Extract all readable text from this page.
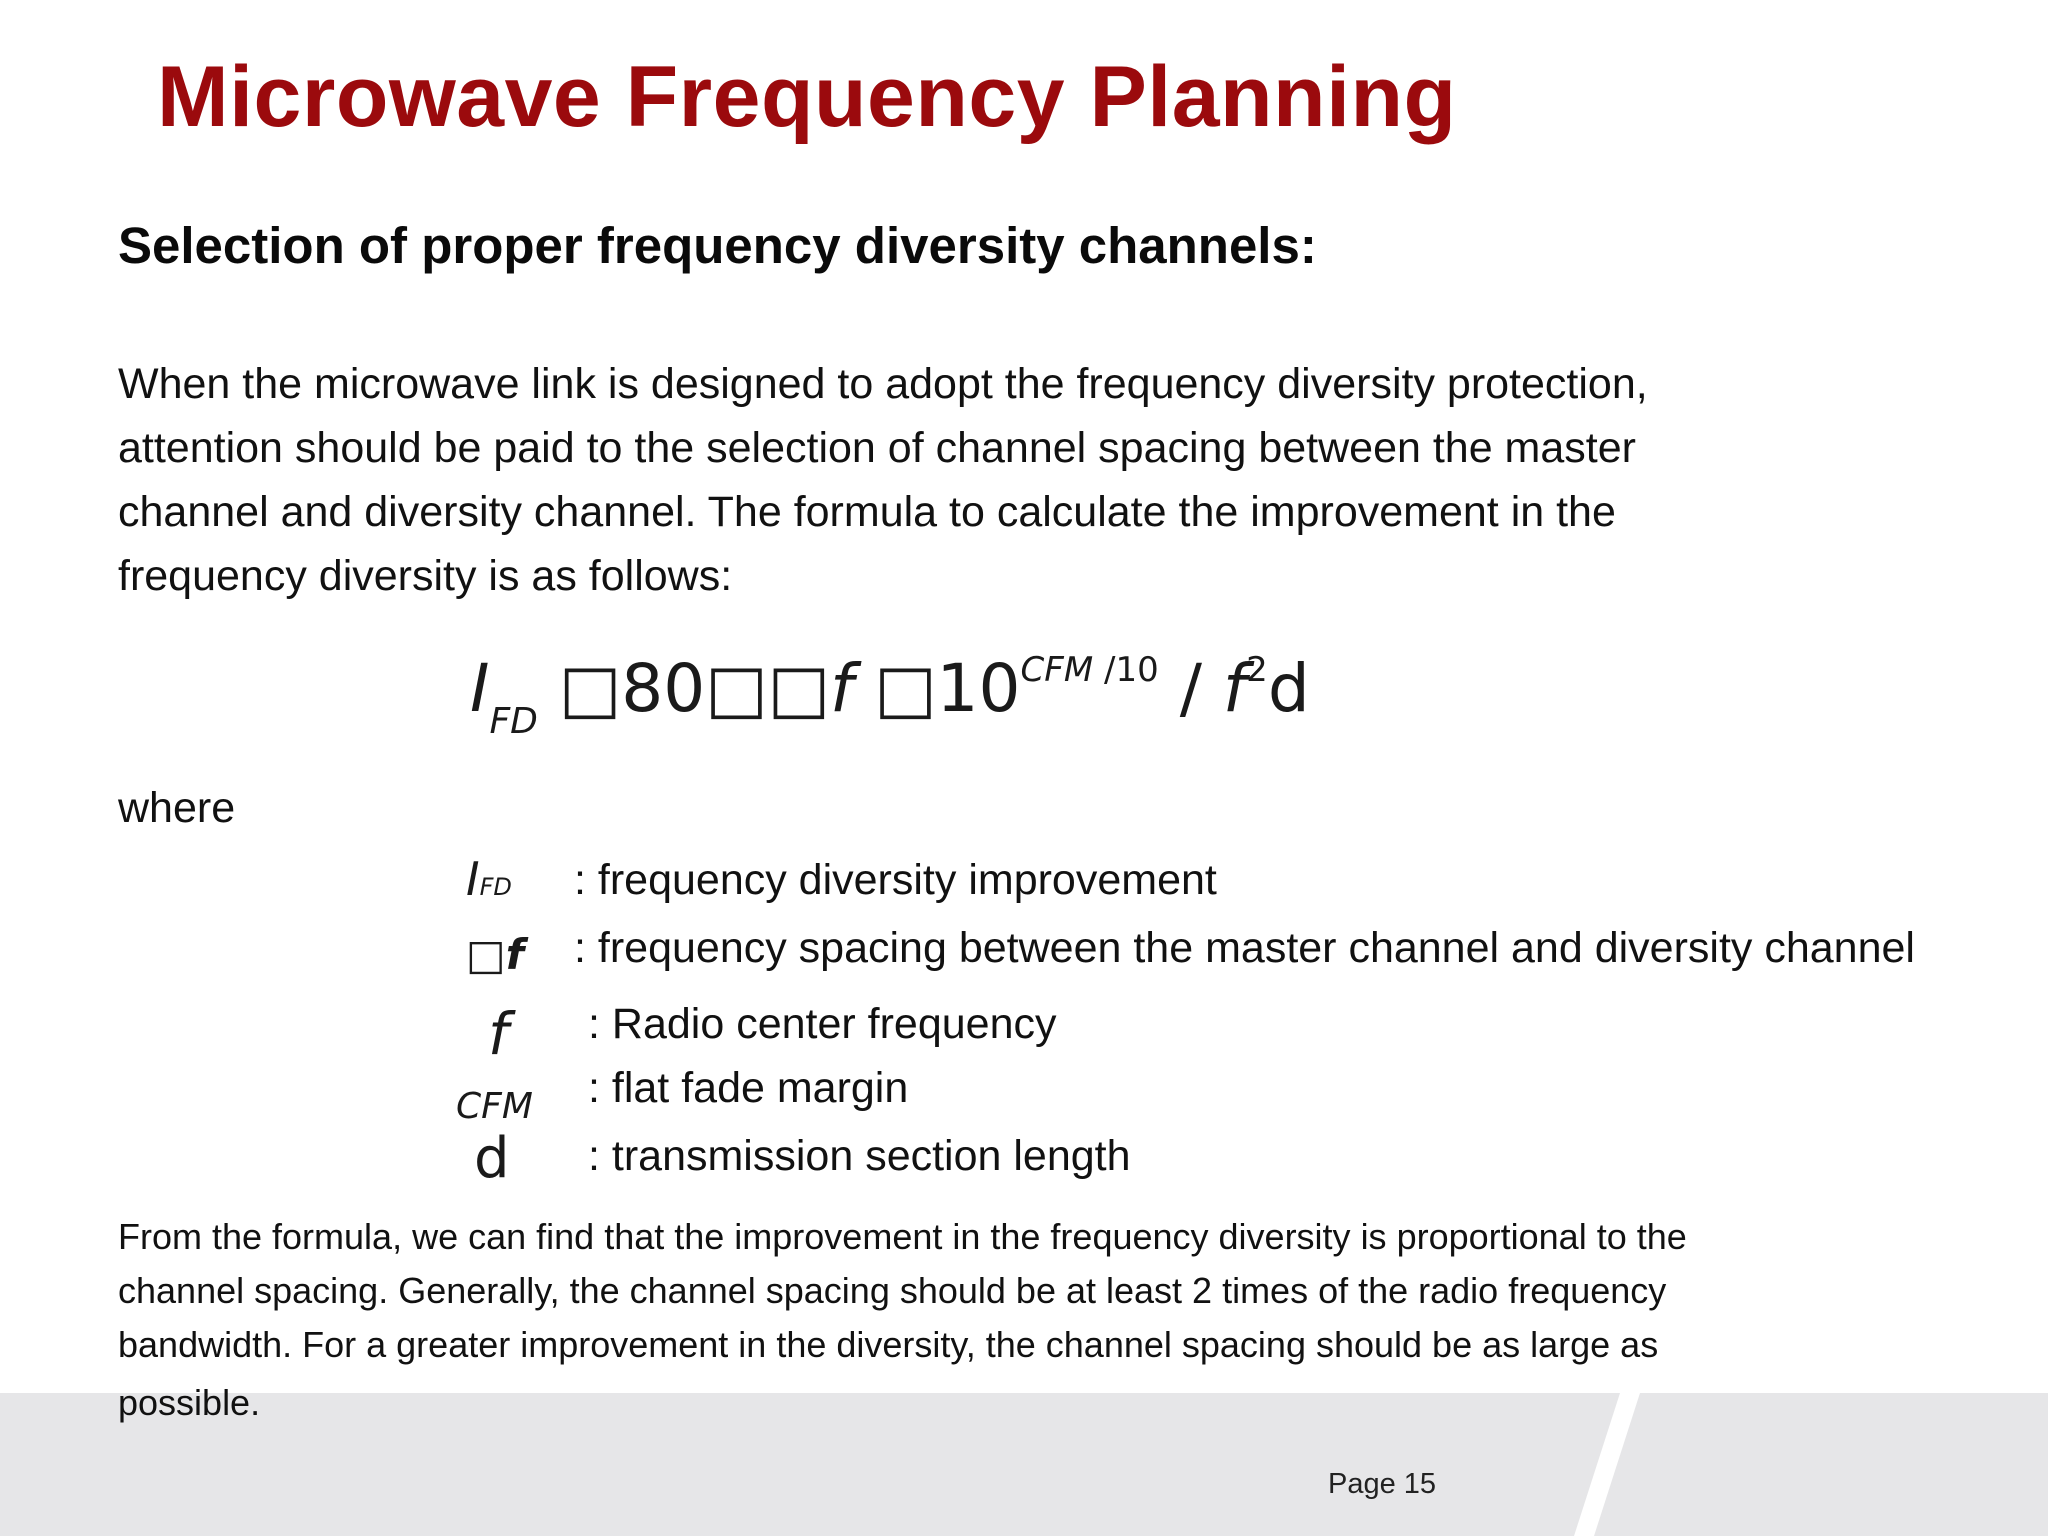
Microwave Frequency Planning
Selection of proper frequency diversity channels:
When the microwave link is designed to adopt the frequency diversity protection,
attention should be paid to the selection of channel spacing between the master
channel and diversity channel. The formula to calculate the improvement in the
frequency diversity is as follows:
$I_{FD}$ □80□□f $□10^{CFM /10} / f^2d$

where

IFD : frequency diversity improvement
□f : frequency spacing between the master channel and diversity channel
f : Radio center frequency
CFM : flat fade margin
d : transmission section length
From the formula, we can find that the improvement in the frequency diversity is proportional to the
channel spacing. Generally, the channel spacing should be at least 2 times of the radio frequency
bandwidth. For a greater improvement in the diversity, the channel spacing should be as large as
possible.
Page 15
